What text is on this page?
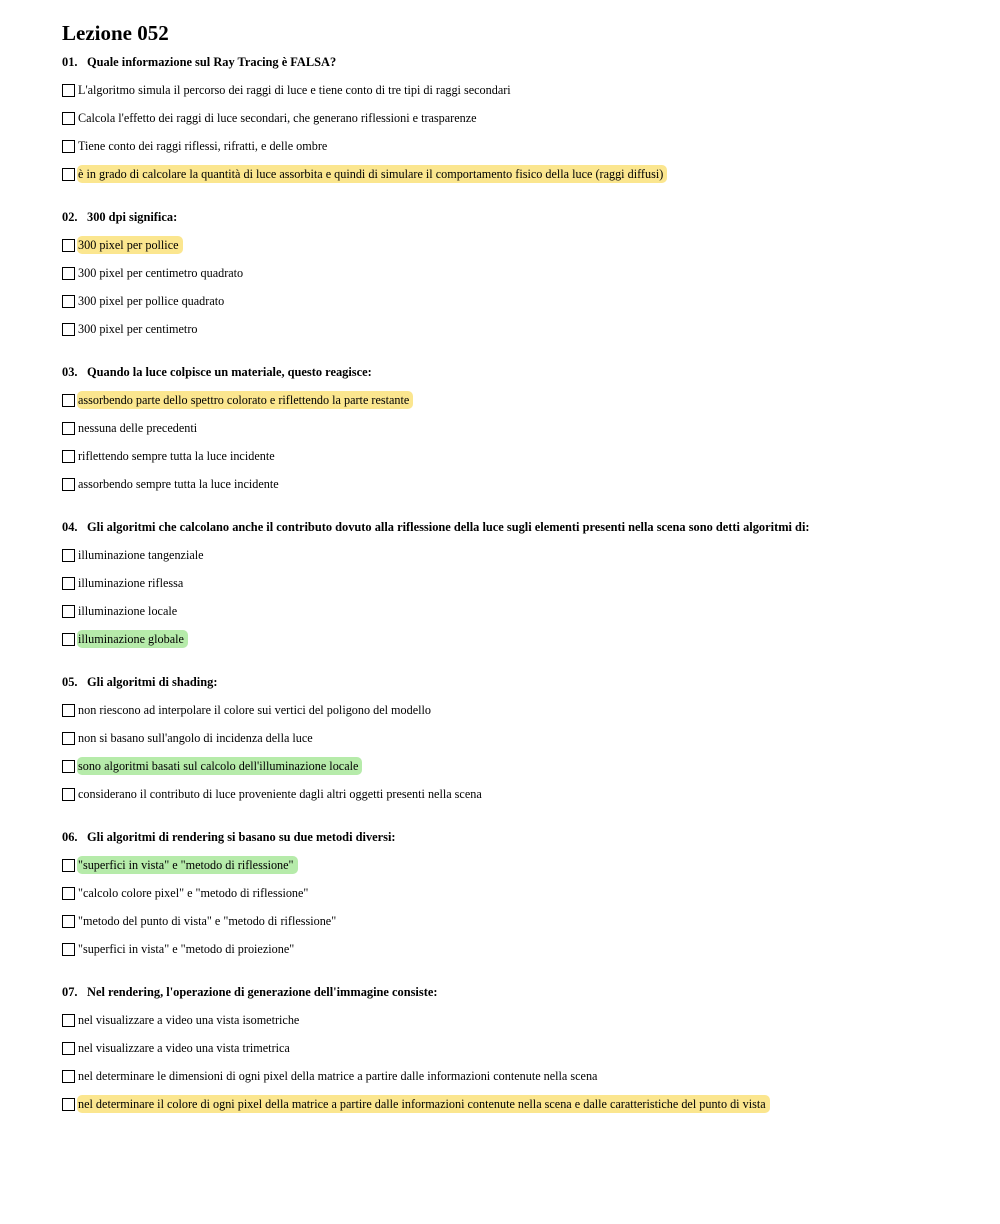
Lezione 052
01. Quale informazione sul Ray Tracing è FALSA?
L'algoritmo simula il percorso dei raggi di luce e tiene conto di tre tipi di raggi secondari
Calcola l'effetto dei raggi di luce secondari, che generano riflessioni e trasparenze
Tiene conto dei raggi riflessi, rifratti, e delle ombre
è in grado di calcolare la quantità di luce assorbita e quindi di simulare il comportamento fisico della luce (raggi diffusi)
02. 300 dpi significa:
300 pixel per pollice
300 pixel per centimetro quadrato
300 pixel per pollice quadrato
300 pixel per centimetro
03. Quando la luce colpisce un materiale, questo reagisce:
assorbendo parte dello spettro colorato e riflettendo la parte restante
nessuna delle precedenti
riflettendo sempre tutta la luce incidente
assorbendo sempre tutta la luce incidente
04. Gli algoritmi che calcolano anche il contributo dovuto alla riflessione della luce sugli elementi presenti nella scena sono detti algoritmi di:
illuminazione tangenziale
illuminazione riflessa
illuminazione locale
illuminazione globale
05. Gli algoritmi di shading:
non riescono ad interpolare il colore sui vertici del poligono del modello
non si basano sull'angolo di incidenza della luce
sono algoritmi basati sul calcolo dell'illuminazione locale
considerano il contributo di luce proveniente dagli altri oggetti presenti nella scena
06. Gli algoritmi di rendering si basano su due metodi diversi:
"superfici in vista" e "metodo di riflessione"
"calcolo colore pixel" e "metodo di riflessione"
"metodo del punto di vista" e "metodo di riflessione"
"superfici in vista" e "metodo di proiezione"
07. Nel rendering, l'operazione di generazione dell'immagine consiste:
nel visualizzare a video una vista isometriche
nel visualizzare a video una vista trimetrica
nel determinare le dimensioni di ogni pixel della matrice a partire dalle informazioni contenute nella scena
nel determinare il colore di ogni pixel della matrice a partire dalle informazioni contenute nella scena e dalle caratteristiche del punto di vista
